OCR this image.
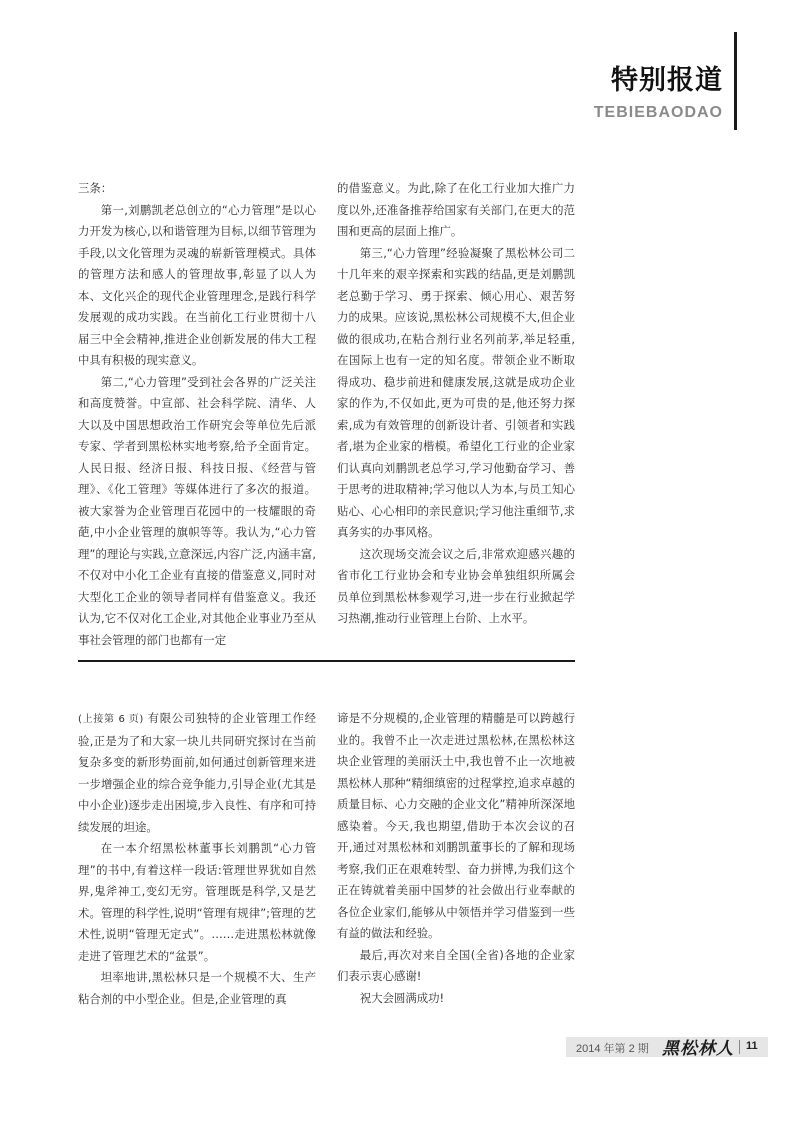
特别报道
TEBIEBAODAO

三条：

第一,刘鹏凯老总创立的“心力管理”是以心力开发为核心,以和谐管理为目标,以细节管理为手段,以文化管理为灵魂的崭新管理模式。具体的管理方法和感人的管理故事,彰显了以人为本、文化兴企的现代企业管理理念,是践行科学发展观的成功实践。在当前化工行业贯彻十八届三中全会精神,推进企业创新发展的伟大工程中具有积极的现实意义。

第二,“心力管理”受到社会各界的广泛关注和高度赞誉。中宣部、社会科学院、清华、人大以及中国思想政治工作研究会等单位先后派专家、学者到黑松林实地考察,给予全面肯定。人民日报、经济日报、科技日报、《经营与管理》、《化工管理》等媒体进行了多次的报道。被大家誉为企业管理百花园中的一枝耀眼的奇葩,中小企业管理的旗帜等等。我认为,“心力管理”的理论与实践,立意深远,内容广泛,内涵丰富,不仅对中小化工企业有直接的借鉴意义,同时对大型化工企业的领导者同样有借鉴意义。我还认为,它不仅对化工企业,对其他企业事业乃至从事社会管理的部门也都有一定

的借鉴意义。为此,除了在化工行业加大推广力度以外,还准备推荐给国家有关部门,在更大的范围和更高的层面上推广。

第三,“心力管理”经验凝聚了黑松林公司二十几年来的艰辛探索和实践的结晶,更是刘鹏凯老总勤于学习、勇于探索、倾心用心、艰苦努力的成果。应该说,黑松林公司规模不大,但企业做的很成功,在粘合剂行业名列前茅,举足轻重,在国际上也有一定的知名度。带领企业不断取得成功、稳步前进和健康发展,这就是成功企业家的作为,不仅如此,更为可贵的是,他还努力探索,成为有效管理的创新设计者、引领者和实践者,堪为企业家的楷模。希望化工行业的企业家们认真向刘鹏凯老总学习,学习他勤奋学习、善于思考的进取精神;学习他以人为本,与员工知心贴心、心心相印的亲民意识;学习他注重细节,求真务实的办事风格。

这次现场交流会议之后,非常欢迎感兴趣的省市化工行业协会和专业协会单独组织所属会员单位到黑松林参观学习,进一步在行业掀起学习热潮,推动行业管理上台阶、上水平。

(上接第 6 页) 有限公司独特的企业管理工作经验,正是为了和大家一块儿共同研究探讨在当前复杂多变的新形势面前,如何通过创新管理来进一步增强企业的综合竞争能力,引导企业(尤其是中小企业)逐步走出困境,步入良性、有序和可持续发展的坦途。

在一本介绍黑松林董事长刘鹏凯“心力管理”的书中,有着这样一段话:管理世界犹如自然界,鬼斧神工,变幻无穷。管理既是科学,又是艺术。管理的科学性,说明“管理有规律”;管理的艺术性,说明“管理无定式”。……走进黑松林就像走进了管理艺术的“盆景”。

坦率地讲,黑松林只是一个规模不大、生产粘合剂的中小型企业。但是,企业管理的真

谛是不分规模的,企业管理的精髓是可以跨越行业的。我曾不止一次走进过黑松林,在黑松林这块企业管理的美丽沃土中,我也曾不止一次地被黑松林人那种“精细缜密的过程掌控,追求卓越的质量目标、心力交融的企业文化”精神所深深地感染着。今天,我也期望,借助于本次会议的召开,通过对黑松林和刘鹏凯董事长的了解和现场考察,我们正在艰难转型、奋力拼博,为我们这个正在铸就着美丽中国梦的社会做出行业奉献的各位企业家们,能够从中领悟并学习借鉴到一些有益的做法和经验。

最后,再次对来自全国(全省)各地的企业家们表示衷心感谢!

祝大会圆满成功!

2014 年第 2 期 黑松林人 11
